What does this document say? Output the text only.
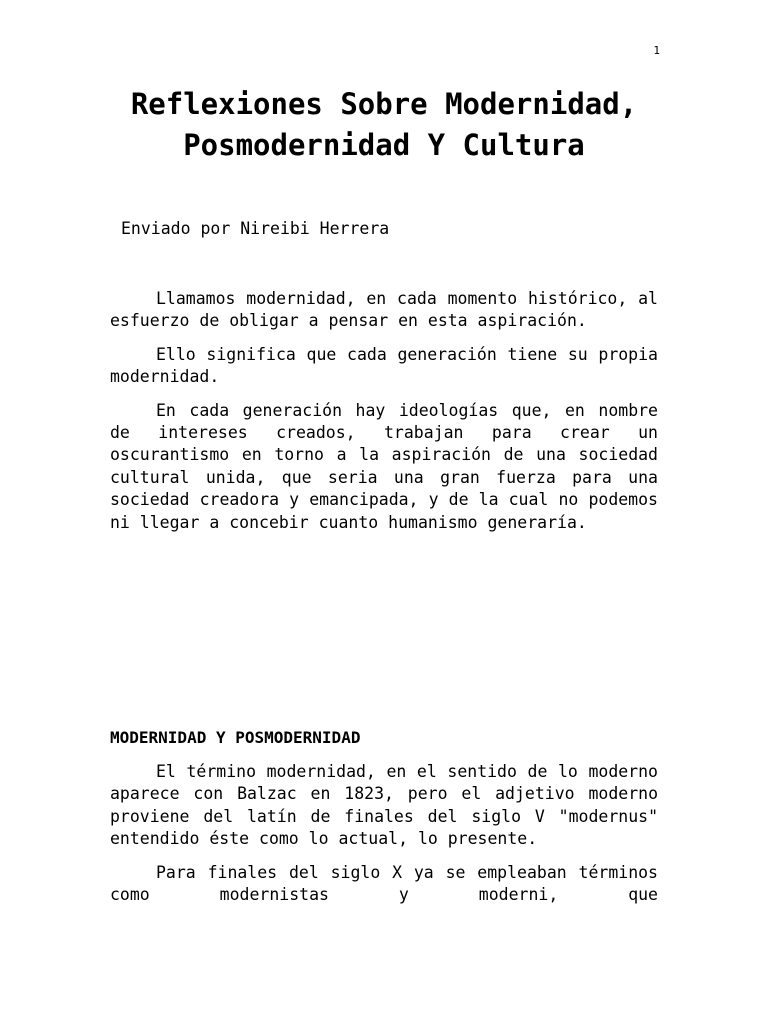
1
Reflexiones Sobre Modernidad, Posmodernidad Y Cultura
Enviado por Nireibi Herrera

Llamamos modernidad, en cada momento histórico, al esfuerzo de obligar a pensar en esta aspiración.

Ello significa que cada generación tiene su propia modernidad.

En cada generación hay ideologías que, en nombre de intereses creados, trabajan para crear un oscurantismo en torno a la aspiración de una sociedad cultural unida, que seria una gran fuerza para una sociedad creadora y emancipada, y de la cual no podemos ni llegar a concebir cuanto humanismo generaría.

MODERNIDAD Y POSMODERNIDAD

El término modernidad, en el sentido de lo moderno aparece con Balzac en 1823, pero el adjetivo moderno proviene del latín de finales del siglo V "modernus" entendido éste como lo actual, lo presente.

Para finales del siglo X ya se empleaban términos como modernistas y moderni, que
